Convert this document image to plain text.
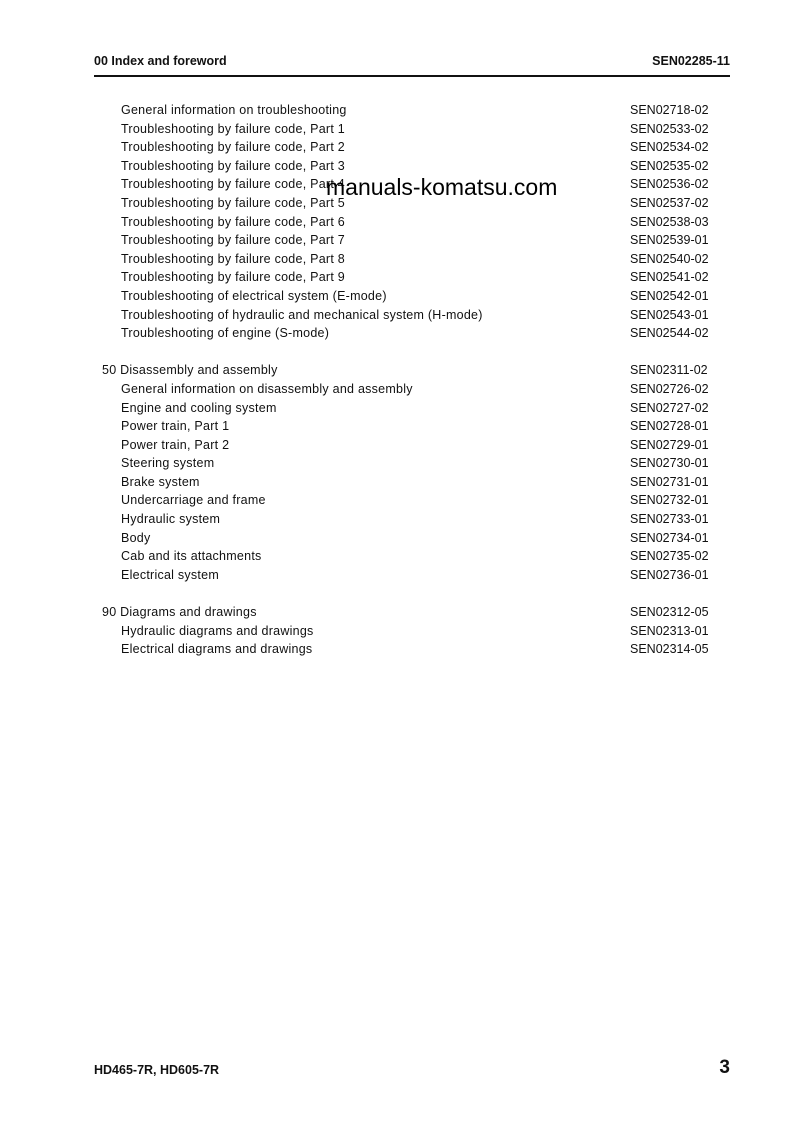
00 Index and foreword	SEN02285-11
General information on troubleshooting	SEN02718-02
Troubleshooting by failure code, Part 1	SEN02533-02
Troubleshooting by failure code, Part 2	SEN02534-02
Troubleshooting by failure code, Part 3	SEN02535-02
Troubleshooting by failure code, Part 4	SEN02536-02
Troubleshooting by failure code, Part 5	SEN02537-02
Troubleshooting by failure code, Part 6	SEN02538-03
Troubleshooting by failure code, Part 7	SEN02539-01
Troubleshooting by failure code, Part 8	SEN02540-02
Troubleshooting by failure code, Part 9	SEN02541-02
Troubleshooting of electrical system (E-mode)	SEN02542-01
Troubleshooting of hydraulic and mechanical system (H-mode)	SEN02543-01
Troubleshooting of engine (S-mode)	SEN02544-02
50 Disassembly and assembly	SEN02311-02
General information on disassembly and assembly	SEN02726-02
Engine and cooling system	SEN02727-02
Power train, Part 1	SEN02728-01
Power train, Part 2	SEN02729-01
Steering system	SEN02730-01
Brake system	SEN02731-01
Undercarriage and frame	SEN02732-01
Hydraulic system	SEN02733-01
Body	SEN02734-01
Cab and its attachments	SEN02735-02
Electrical system	SEN02736-01
90 Diagrams and drawings	SEN02312-05
Hydraulic diagrams and drawings	SEN02313-01
Electrical diagrams and drawings	SEN02314-05
manuals-komatsu.com
HD465-7R, HD605-7R	3
